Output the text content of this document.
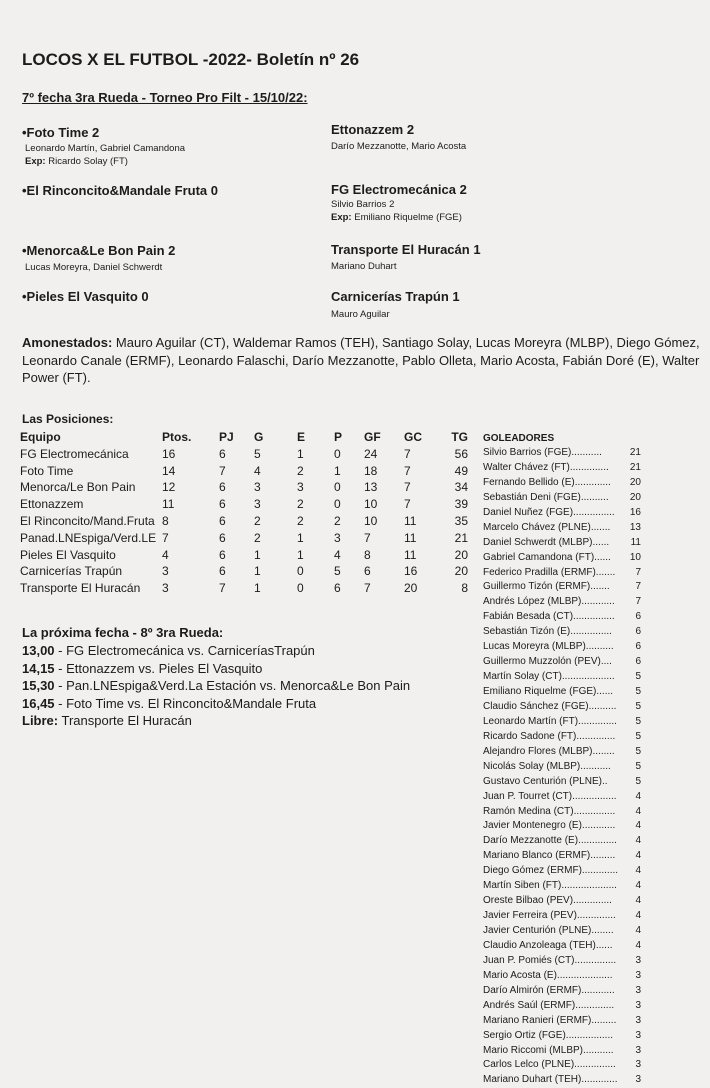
LOCOS X EL FUTBOL -2022- Boletín nº 26
7º fecha 3ra Rueda - Torneo Pro Filt - 15/10/22:
•Foto Time 2
Leonardo Martín, Gabriel Camandona
Exp: Ricardo Solay (FT)
Ettonazzem 2
Darío Mezzanotte, Mario Acosta
•El Rinconcito&Mandale Fruta 0	FG Electromecánica 2
Silvio Barrios 2
Exp: Emiliano Riquelme (FGE)
•Menorca&Le Bon Pain 2
Lucas Moreyra, Daniel Schwerdt
Transporte El Huracán 1
Mariano Duhart
•Pieles El Vasquito 0	Carnicerías Trapún 1
Mauro Aguilar
Amonestados: Mauro Aguilar (CT), Waldemar Ramos (TEH), Santiago Solay, Lucas Moreyra (MLBP), Diego Gómez, Leonardo Canale (ERMF), Leonardo Falaschi, Darío Mezzanotte, Pablo Olleta, Mario Acosta, Fabián Doré (E), Walter Power (FT).
Las Posiciones:
Equipo	Ptos.	PJ	G	E	P	GF	GC	TG
FG Electromecánica	16	6	5	1	0	24	7	56
Foto Time	14	7	4	2	1	18	7	49
Menorca/Le Bon Pain	12	6	3	3	0	13	7	34
Ettonazzem	11	6	3	2	0	10	7	39
El Rinconcito/Mand.Fruta	8	6	2	2	2	10	11	35
Panad.LNEspiga/Verd.LE	7	6	2	1	3	7	11	21
Pieles El Vasquito	4	6	1	1	4	8	11	20
Carnicerías Trapún	3	6	1	0	5	6	16	20
Transporte El Huracán	3	7	1	0	6	7	20	8
La próxima fecha - 8º 3ra Rueda:
13,00 - FG Electromecánica vs. CarniceríasTrapún
14,15 - Ettonazzem vs. Pieles El Vasquito
15,30 - Pan.LNEspiga&Verd.La Estación vs. Menorca&Le Bon Pain
16,45 - Foto Time vs. El Rinconcito&Mandale Fruta
Libre: Transporte El Huracán
GOLEADORES
Silvio Barrios (FGE)...........	21
Walter Chávez (FT)..............	21
Fernando Bellido (E).............	20
Sebastián Deni (FGE)..........	20
Daniel Nuñez (FGE)...............	16
Marcelo Chávez (PLNE).......	13
Daniel Schwerdt (MLBP)......	11
Gabriel Camandona (FT)......	10
Federico Pradilla (ERMF).......	7
Guillermo Tizón (ERMF).......	7
Andrés López (MLBP)............	7
Fabián Besada (CT)...............	6
Sebastián Tizón (E)...............	6
Lucas Moreyra (MLBP)..........	6
Guillermo Muzzolón (PEV)....	6
Martín Solay (CT)...................	5
Emiliano Riquelme (FGE)......	5
Claudio Sánchez (FGE)..........	5
Leonardo Martín (FT)..............	5
Ricardo Sadone (FT)..............	5
Alejandro Flores (MLBP)........	5
Nicolás Solay (MLBP)...........	5
Gustavo Centurión (PLNE)..	5
Juan P. Tourret (CT)................	4
Ramón Medina (CT)...............	4
Javier Montenegro (E)............	4
Darío Mezzanotte (E)..............	4
Mariano Blanco (ERMF).........	4
Diego Gómez (ERMF).............	4
Martín Siben (FT)....................	4
Oreste Bilbao (PEV)..............	4
Javier Ferreira (PEV)..............	4
Javier Centurión (PLNE)........	4
Claudio Anzoleaga (TEH)......	4
Juan P. Pomiés (CT)...............	3
Mario Acosta (E)....................	3
Darío Almirón (ERMF)............	3
Andrés Saúl (ERMF)..............	3
Mariano Ranieri (ERMF).........	3
Sergio Ortiz (FGE).................	3
Mario Riccomi (MLBP)...........	3
Carlos Lelco (PLNE)...............	3
Mariano Duhart (TEH).............	3
